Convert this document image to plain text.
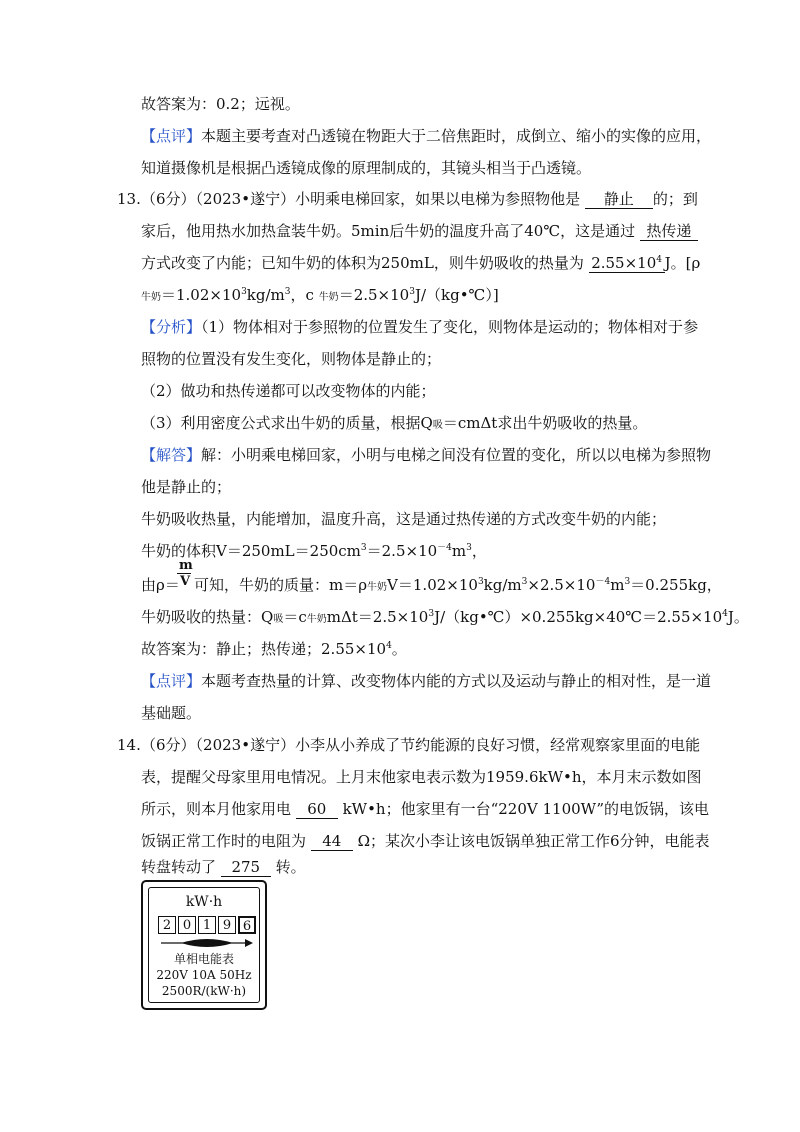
故答案为：0.2；远视。
【点评】本题主要考查对凸透镜在物距大于二倍焦距时，成倒立、缩小的实像的应用，
知道摄像机是根据凸透镜成像的原理制成的，其镜头相当于凸透镜。
13. （6分）（2023•遂宁）小明乘电梯回家，如果以电梯为参照物他是 静止 的；到
家后，他用热水加热盒装牛奶。5min后牛奶的温度升高了40℃，这是通过 热传递
方式改变了内能；已知牛奶的体积为250mL，则牛奶吸收的热量为 $2.55\times 10^4$ J。[ρ
牛奶$=1.02\times 10^3kg/m^3$，c 牛奶$=2.5\times 10^3J/(kg•℃)$]
【分析】（1）物体相对于参照物的位置发生了变化，则物体是运动的；物体相对于参
照物的位置没有发生变化，则物体是静止的；
（2）做功和热传递都可以改变物体的内能；
（3）利用密度公式求出牛奶的质量，根据Q吸＝cmΔt求出牛奶吸收的热量。
【解答】解：小明乘电梯回家，小明与电梯之间没有位置的变化，所以以电梯为参照物
他是静止的；
牛奶吸收热量，内能增加，温度升高，这是通过热传递的方式改变牛奶的内能；
牛奶的体积$V=250mL=250cm^3=2.5\times 10^{-4}m^3$，
m
V
由ρ＝ 可知，牛奶的质量：m＝ρ牛奶$V=1.02\times 10^3kg/m^3\times 2.5\times 10^{-4}m^3=0.255kg$，
牛奶吸收的热量：Q吸＝c牛奶$m\Delta t=2.5\times 10^3J/(kg•℃)\times 0.255kg\times 40℃=2.55\times 10^4J$。
故答案为：静止；热传递；$2.55\times 10^4$。
【点评】本题考查热量的计算、改变物体内能的方式以及运动与静止的相对性，是一道
基础题。
14. （6分）（2023•遂宁）小李从小养成了节约能源的良好习惯，经常观察家里面的电能
表，提醒父母家里用电情况。上月末他家电表示数为1959.6kW•h，本月末示数如图
所示，则本月他家用电 60 kW•h；他家里有一台“220V 1100W”的电饭锅，该电
饭锅正常工作时的电阻为 44 Ω；某次小李让该电饭锅单独正常工作6分钟，电能表
转盘转动了 275 转。
kW·h
2 0 1 9 6
单相电能表
220V 10A 50Hz
2500R/(kW·h)
